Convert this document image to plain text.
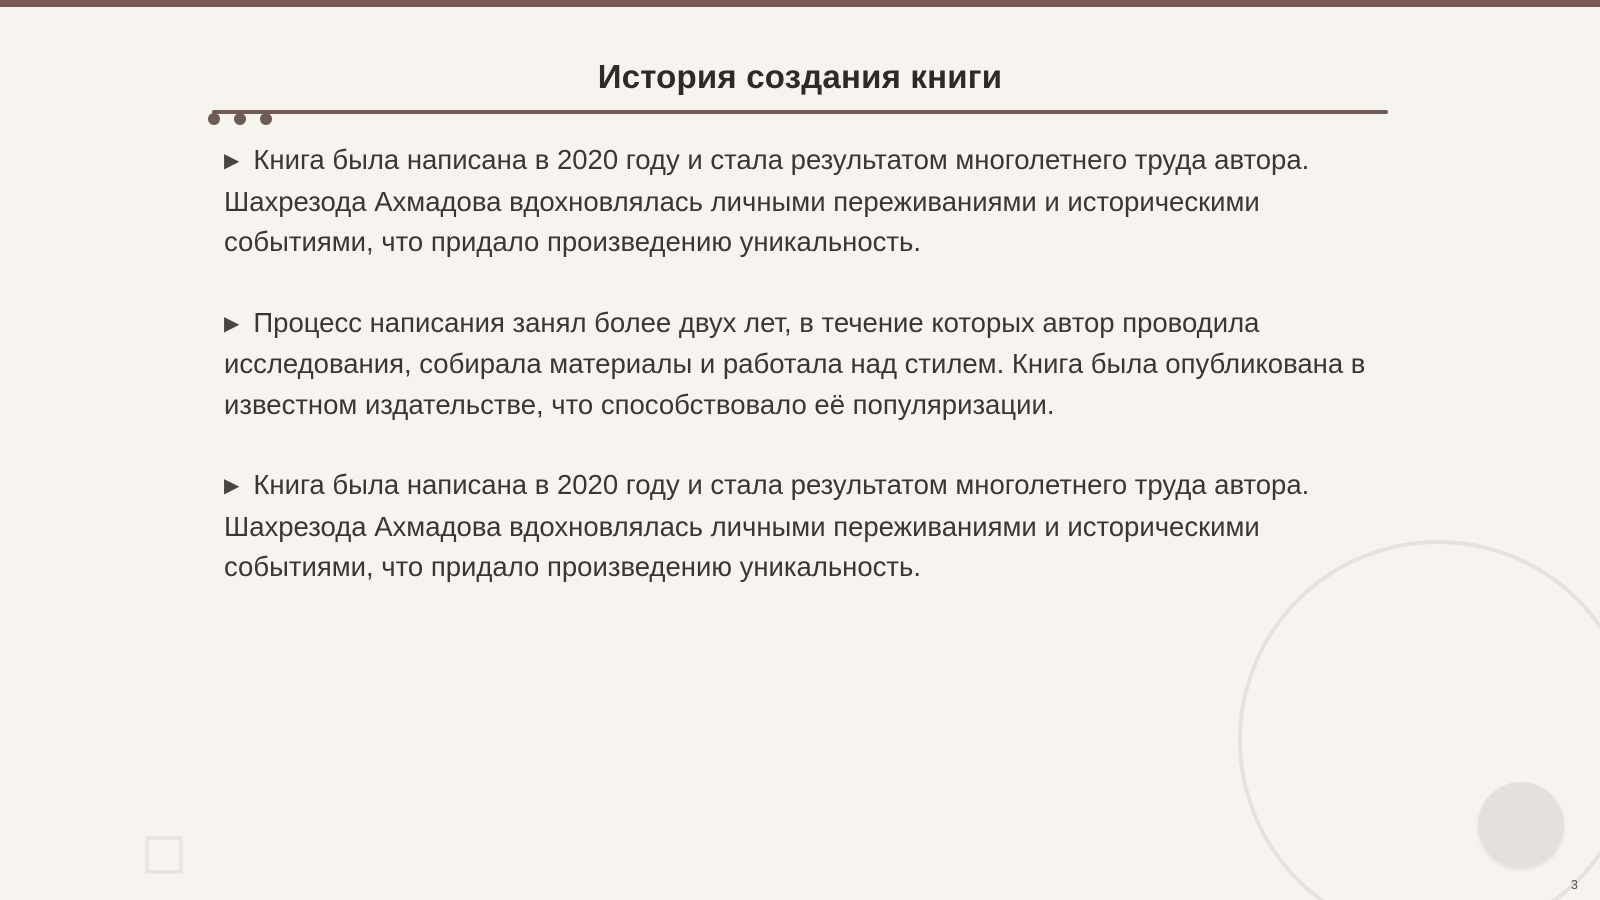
История создания книги

▶ Книга была написана в 2020 году и стала результатом многолетнего труда автора. Шахрезода Ахмадова вдохновлялась личными переживаниями и историческими событиями, что придало произведению уникальность.

▶ Процесс написания занял более двух лет, в течение которых автор проводила исследования, собирала материалы и работала над стилем. Книга была опубликована в известном издательстве, что способствовало её популяризации.

▶ Книга была написана в 2020 году и стала результатом многолетнего труда автора. Шахрезода Ахмадова вдохновлялась личными переживаниями и историческими событиями, что придало произведению уникальность.

3
